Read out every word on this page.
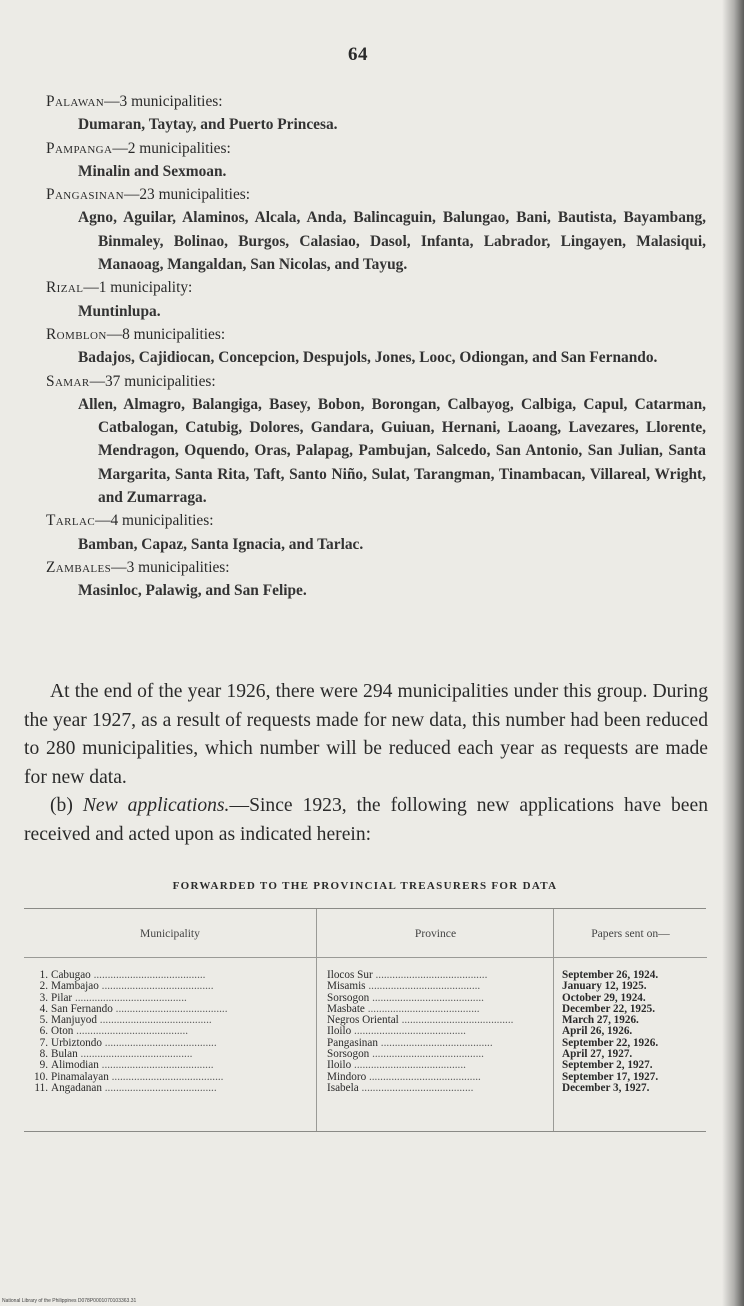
64
Palawan—3 municipalities:
Dumaran, Taytay, and Puerto Princesa.
Pampanga—2 municipalities:
Minalin and Sexmoan.
Pangasinan—23 municipalities:
Agno, Aguilar, Alaminos, Alcala, Anda, Balincaguin, Balungao, Bani, Bautista, Bayambang, Binmaley, Bolinao, Burgos, Calasiao, Dasol, Infanta, Labrador, Lingayen, Malasiqui, Manaoag, Mangaldan, San Nicolas, and Tayug.
Rizal—1 municipality:
Muntinlupa.
Romblon—8 municipalities:
Badajos, Cajidiocan, Concepcion, Despujols, Jones, Looc, Odiongan, and San Fernando.
Samar—37 municipalities:
Allen, Almagro, Balangiga, Basey, Bobon, Borongan, Calbayog, Calbiga, Capul, Catarman, Catbalogan, Catubig, Dolores, Gandara, Guiuan, Hernani, Laoang, Lavezares, Llorente, Mendragon, Oquendo, Oras, Palapag, Pambujan, Salcedo, San Antonio, San Julian, Santa Margarita, Santa Rita, Taft, Santo Niño, Sulat, Tarangman, Tinambacan, Villareal, Wright, and Zumarraga.
Tarlac—4 municipalities:
Bamban, Capaz, Santa Ignacia, and Tarlac.
Zambales—3 municipalities:
Masinloc, Palawig, and San Felipe.

At the end of the year 1926, there were 294 municipalities under this group. During the year 1927, as a result of requests made for new data, this number had been reduced to 280 municipalities, which number will be reduced each year as requests are made for new data.

(b) New applications.—Since 1923, the following new applications have been received and acted upon as indicated herein:

FORWARDED TO THE PROVINCIAL TREASURERS FOR DATA
Municipality
1. Cabugao ........................................
2. Mambajao ........................................
3. Pilar ........................................
4. San Fernando ........................................
5. Manjuyod ........................................
6. Oton ........................................
7. Urbiztondo ........................................
8. Bulan ........................................
9. Alimodian ........................................
10. Pinamalayan ........................................
11. Angadanan ........................................
Province
Ilocos Sur ........................................
Misamis ........................................
Sorsogon ........................................
Masbate ........................................
Negros Oriental ........................................
Iloilo ........................................
Pangasinan ........................................
Sorsogon ........................................
Iloilo ........................................
Mindoro ........................................
Isabela ........................................
Papers sent on—
September 26, 1924.
January 12, 1925.
October 29, 1924.
December 22, 1925.
March 27, 1926.
April 26, 1926.
September 22, 1926.
April 27, 1927.
September 2, 1927.
September 17, 1927.
December 3, 1927.
National Library of the Philippines D078P0001070103363.31
